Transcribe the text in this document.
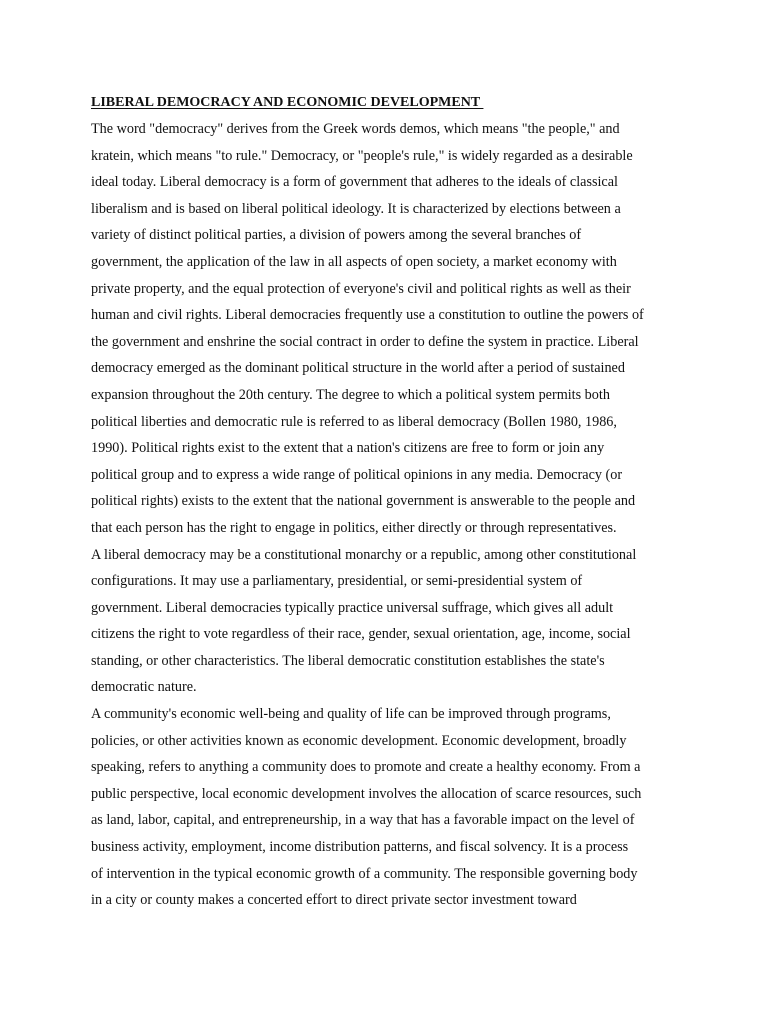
LIBERAL DEMOCRACY AND ECONOMIC DEVELOPMENT
The word "democracy" derives from the Greek words demos, which means "the people," and
kratein, which means "to rule." Democracy, or "people's rule," is widely regarded as a desirable
ideal today. Liberal democracy is a form of government that adheres to the ideals of classical
liberalism and is based on liberal political ideology. It is characterized by elections between a
variety of distinct political parties, a division of powers among the several branches of
government, the application of the law in all aspects of open society, a market economy with
private property, and the equal protection of everyone's civil and political rights as well as their
human and civil rights. Liberal democracies frequently use a constitution to outline the powers of
the government and enshrine the social contract in order to define the system in practice. Liberal
democracy emerged as the dominant political structure in the world after a period of sustained
expansion throughout the 20th century. The degree to which a political system permits both
political liberties and democratic rule is referred to as liberal democracy (Bollen 1980, 1986,
1990). Political rights exist to the extent that a nation's citizens are free to form or join any
political group and to express a wide range of political opinions in any media. Democracy (or
political rights) exists to the extent that the national government is answerable to the people and
that each person has the right to engage in politics, either directly or through representatives.
A liberal democracy may be a constitutional monarchy or a republic, among other constitutional
configurations. It may use a parliamentary, presidential, or semi-presidential system of
government. Liberal democracies typically practice universal suffrage, which gives all adult
citizens the right to vote regardless of their race, gender, sexual orientation, age, income, social
standing, or other characteristics. The liberal democratic constitution establishes the state's
democratic nature.
A community's economic well-being and quality of life can be improved through programs,
policies, or other activities known as economic development. Economic development, broadly
speaking, refers to anything a community does to promote and create a healthy economy. From a
public perspective, local economic development involves the allocation of scarce resources, such
as land, labor, capital, and entrepreneurship, in a way that has a favorable impact on the level of
business activity, employment, income distribution patterns, and fiscal solvency. It is a process
of intervention in the typical economic growth of a community. The responsible governing body
in a city or county makes a concerted effort to direct private sector investment toward
